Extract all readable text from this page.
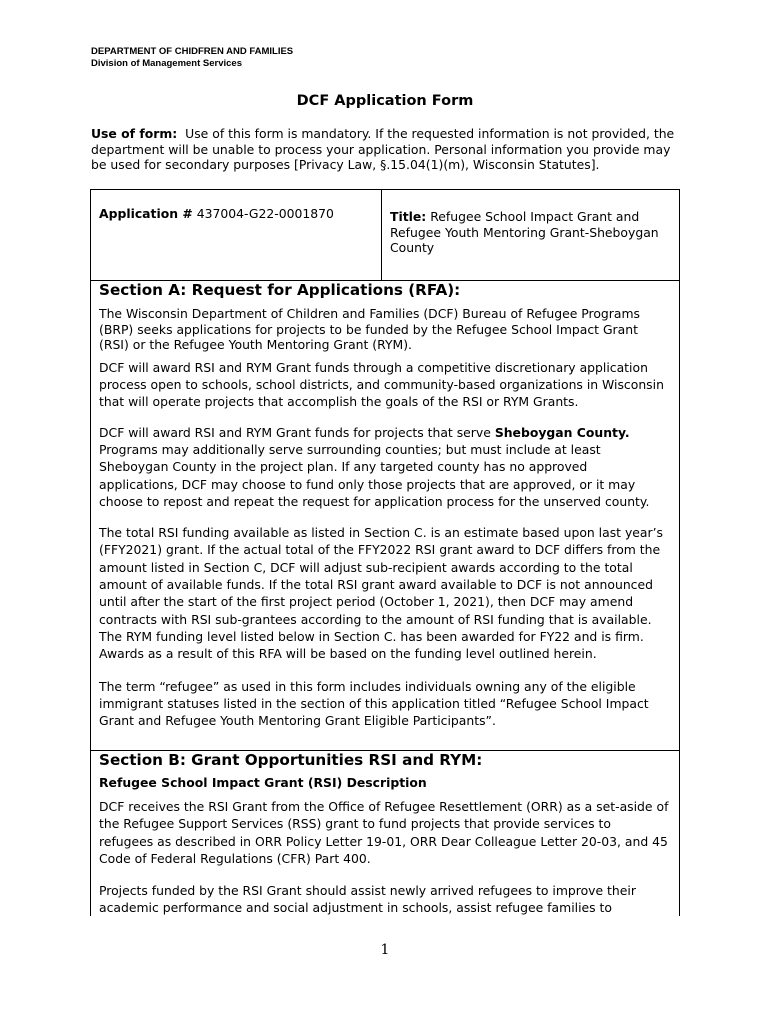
DEPARTMENT OF CHIDFREN AND FAMILIES
Division of Management Services
DCF Application Form
Use of form: Use of this form is mandatory. If the requested information is not provided, the department will be unable to process your application. Personal information you provide may be used for secondary purposes [Privacy Law, §.15.04(1)(m), Wisconsin Statutes].
Application # 437004-G22-0001870	Title: Refugee School Impact Grant and Refugee Youth Mentoring Grant-Sheboygan County
Section A: Request for Applications (RFA):

The Wisconsin Department of Children and Families (DCF) Bureau of Refugee Programs (BRP) seeks applications for projects to be funded by the Refugee School Impact Grant (RSI) or the Refugee Youth Mentoring Grant (RYM).

DCF will award RSI and RYM Grant funds through a competitive discretionary application process open to schools, school districts, and community-based organizations in Wisconsin that will operate projects that accomplish the goals of the RSI or RYM Grants.

DCF will award RSI and RYM Grant funds for projects that serve Sheboygan County. Programs may additionally serve surrounding counties; but must include at least Sheboygan County in the project plan. If any targeted county has no approved applications, DCF may choose to fund only those projects that are approved, or it may choose to repost and repeat the request for application process for the unserved county.

The total RSI funding available as listed in Section C. is an estimate based upon last year’s (FFY2021) grant. If the actual total of the FFY2022 RSI grant award to DCF differs from the amount listed in Section C, DCF will adjust sub-recipient awards according to the total amount of available funds. If the total RSI grant award available to DCF is not announced until after the start of the first project period (October 1, 2021), then DCF may amend contracts with RSI sub-grantees according to the amount of RSI funding that is available. The RYM funding level listed below in Section C. has been awarded for FY22 and is firm. Awards as a result of this RFA will be based on the funding level outlined herein.

The term “refugee” as used in this form includes individuals owning any of the eligible immigrant statuses listed in the section of this application titled “Refugee School Impact Grant and Refugee Youth Mentoring Grant Eligible Participants”.

Section B: Grant Opportunities RSI and RYM:
Refugee School Impact Grant (RSI) Description

DCF receives the RSI Grant from the Office of Refugee Resettlement (ORR) as a set-aside of the Refugee Support Services (RSS) grant to fund projects that provide services to refugees as described in ORR Policy Letter 19-01, ORR Dear Colleague Letter 20-03, and 45 Code of Federal Regulations (CFR) Part 400.

Projects funded by the RSI Grant should assist newly arrived refugees to improve their academic performance and social adjustment in schools, assist refugee families to

1
